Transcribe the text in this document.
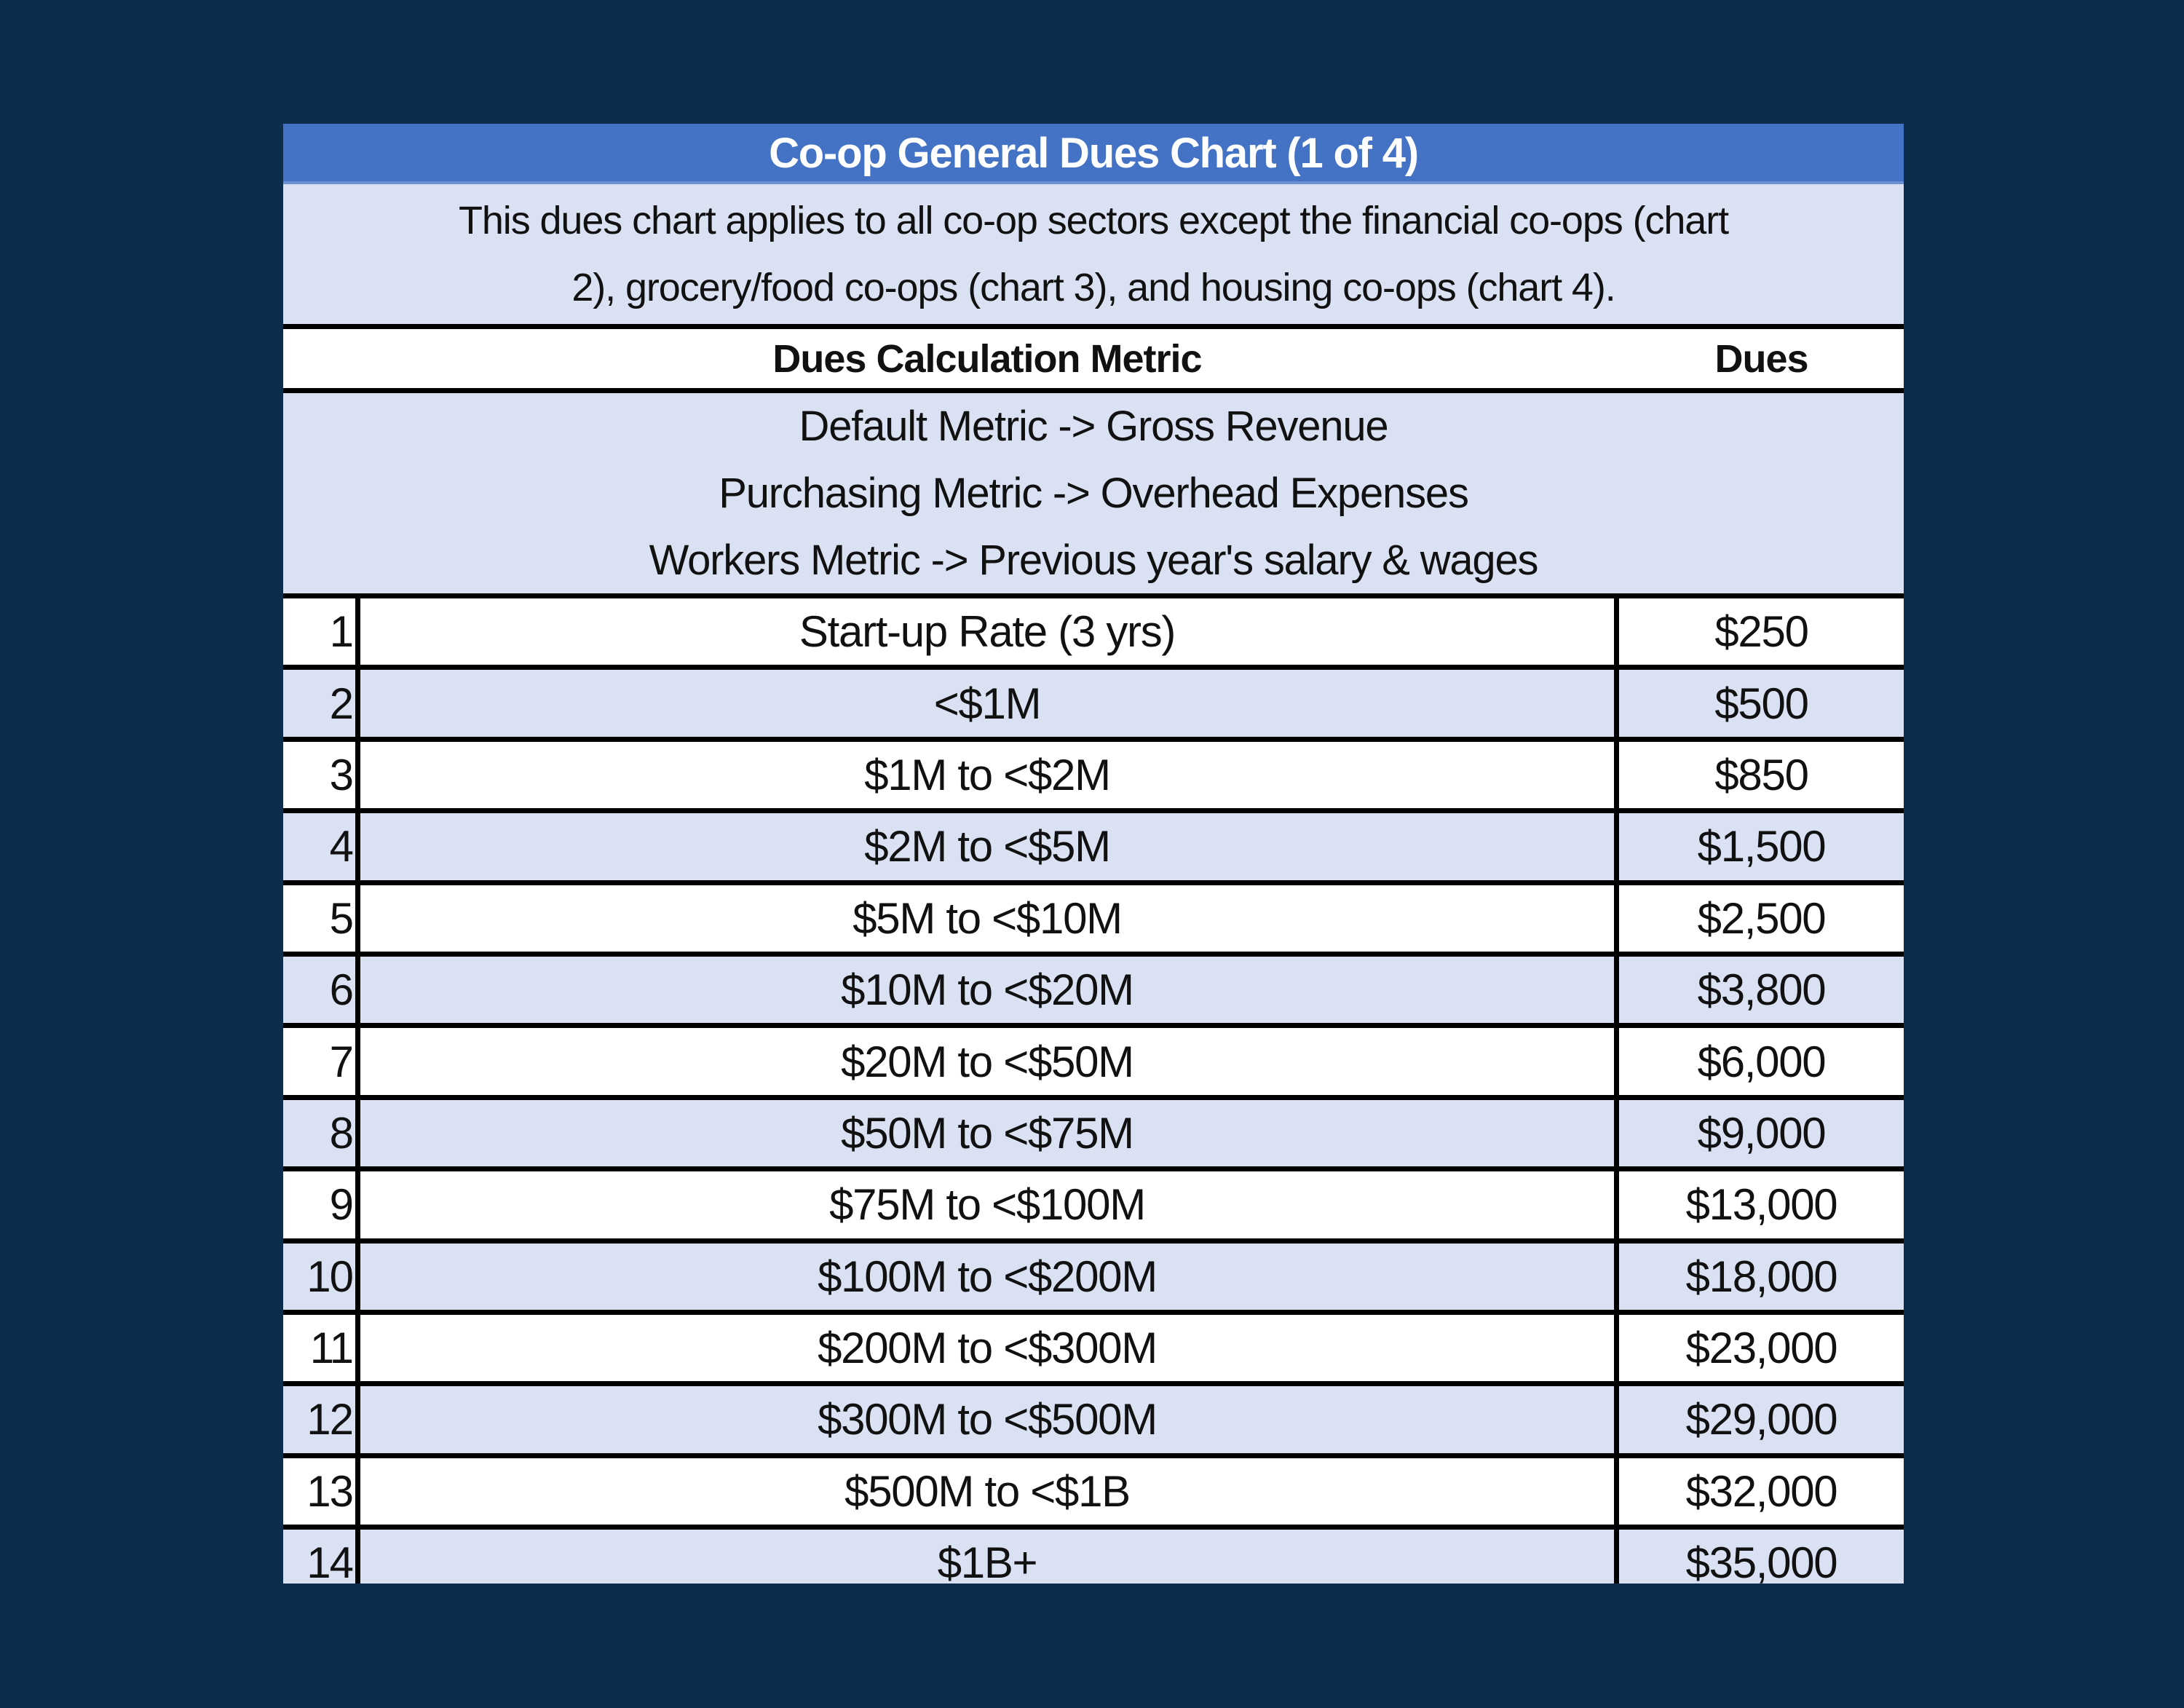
Co-op General Dues Chart (1 of 4)
This dues chart applies to all co-op sectors except the financial co-ops (chart
2), grocery/food co-ops (chart 3), and housing co-ops (chart 4).
Dues Calculation Metric	Dues
Default Metric -> Gross Revenue
Purchasing Metric -> Overhead Expenses
Workers Metric -> Previous year's salary & wages
1	Start-up Rate (3 yrs)	$250
2	<$1M	$500
3	$1M to <$2M	$850
4	$2M to <$5M	$1,500
5	$5M to <$10M	$2,500
6	$10M to <$20M	$3,800
7	$20M to <$50M	$6,000
8	$50M to <$75M	$9,000
9	$75M to <$100M	$13,000
10	$100M to <$200M	$18,000
11	$200M to <$300M	$23,000
12	$300M to <$500M	$29,000
13	$500M to <$1B	$32,000
14	$1B+	$35,000
